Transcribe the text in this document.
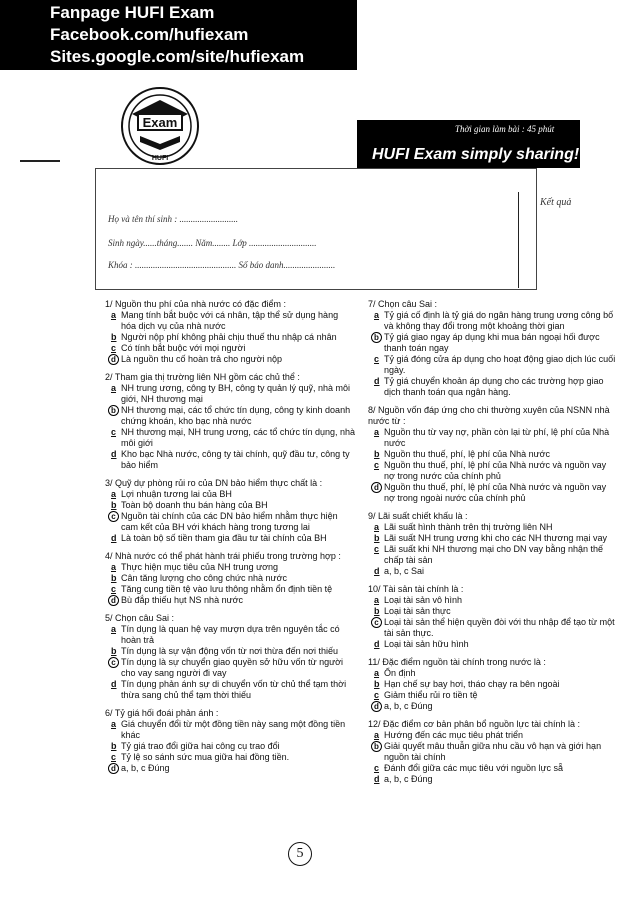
Fanpage HUFI Exam
Facebook.com/hufiexam
Sites.google.com/site/hufiexam
Exam
HUFI	HUFI Exam simply sharing!
Thời gian làm bài : 45 phút
Kết quả
Họ và tên thí sinh : ..........................
Sinh ngày......tháng....... Năm........ Lớp ..............................
Khóa : ............................................. Số báo danh.......................
1/ Nguồn thu phí của nhà nước có đặc điểm :
a Mang tính bắt buộc với cá nhân, tập thể sử dụng hàng hóa dịch vụ của nhà nước
b Người nộp phí không phải chịu thuế thu nhập cá nhân
c Có tính bắt buộc với mọi người
d Là nguồn thu cố hoàn trả cho người nộp
2/ Tham gia thị trường liên NH gồm các chủ thể :
a NH trung ương, công ty BH, công ty quản lý quỹ, nhà môi giới, NH thương mại
b NH thương mại, các tổ chức tín dụng, công ty kinh doanh chứng khoán, kho bạc nhà nước
c NH thương mại, NH trung ương, các tổ chức tín dụng, nhà môi giới
d Kho bạc Nhà nước, công ty tài chính, quỹ đầu tư, công ty bảo hiểm
3/ Quỹ dự phòng rủi ro của DN bảo hiểm thực chất là :
a Lợi nhuận tương lai của BH
b Toàn bộ doanh thu bán hàng của BH
c Nguồn tài chính của các DN bảo hiểm nhằm thực hiện cam kết của BH với khách hàng trong tương lai
d Là toàn bộ số tiền tham gia đầu tư tài chính của BH
4/ Nhà nước có thể phát hành trái phiếu trong trường hợp :
a Thực hiện mục tiêu của NH trung ương
b Cân tăng lượng cho công chức nhà nước
c Tăng cung tiền tệ vào lưu thông nhằm ổn định tiền tệ
d Bù đắp thiếu hụt NS nhà nước
5/ Chọn câu Sai :
a Tín dụng là quan hệ vay mượn dựa trên nguyên tắc có hoàn trả
b Tín dụng là sự vận động vốn từ nơi thừa đến nơi thiếu
c Tín dụng là sự chuyển giao quyền sở hữu vốn từ người cho vay sang người đi vay
d Tín dụng phản ánh sự di chuyển vốn từ chủ thể tạm thời thừa sang chủ thể tạm thời thiếu
6/ Tỷ giá hối đoái phản ánh :
a Giá chuyển đổi từ một đồng tiền này sang một đồng tiền khác
b Tỷ giá trao đổi giữa hai công cụ trao đổi
c Tỷ lệ so sánh sức mua giữa hai đồng tiền.
d a, b, c Đúng
7/ Chọn câu Sai :
a Tỷ giá cố định là tỷ giá do ngân hàng trung ương công bố và không thay đổi trong một khoảng thời gian
b Tỷ giá giao ngay áp dụng khi mua bán ngoại hối được thanh toán ngay
c Tỷ giá đóng cửa áp dụng cho hoạt động giao dịch lúc cuối ngày.
d Tỷ giá chuyển khoản áp dụng cho các trường hợp giao dịch thanh toán qua ngân hàng.
8/ Nguồn vốn đáp ứng cho chi thường xuyên của NSNN nhà nước từ :
a Nguồn thu từ vay nợ, phần còn lại từ phí, lệ phí của Nhà nước
b Nguồn thu thuế, phí, lệ phí của Nhà nước
c Nguồn thu thuế, phí, lệ phí của Nhà nước và nguồn vay nợ trong nước của chính phủ
d Nguồn thu thuế, phí, lệ phí của Nhà nước và nguồn vay nợ trong ngoài nước của chính phủ
9/ Lãi suất chiết khấu là :
a Lãi suất hình thành trên thị trường liên NH
b Lãi suất NH trung ương khi cho các NH thương mại vay
c Lãi suất khi NH thương mại cho DN vay bằng nhận thế chấp tài sản
d a, b, c Sai
10/ Tài sản tài chính là :
a Loại tài sản vô hình
b Loại tài sản thực
c Loại tài sản thể hiện quyền đòi với thu nhập để tạo từ một tài sản thực.
d Loại tài sản hữu hình
11/ Đặc điểm nguồn tài chính trong nước là :
a Ổn định
b Hạn chế sự bay hơi, tháo chạy ra bên ngoài
c Giảm thiểu rủi ro tiền tệ
d a, b, c Đúng
12/ Đặc điểm cơ bản phân bổ nguồn lực tài chính là :
a Hướng đến các mục tiêu phát triển
b Giải quyết mâu thuẫn giữa nhu cầu vô hạn và giới hạn nguồn tài chính
c Đánh đổi giữa các mục tiêu với nguồn lực sẵ
d a, b, c Đúng
5
